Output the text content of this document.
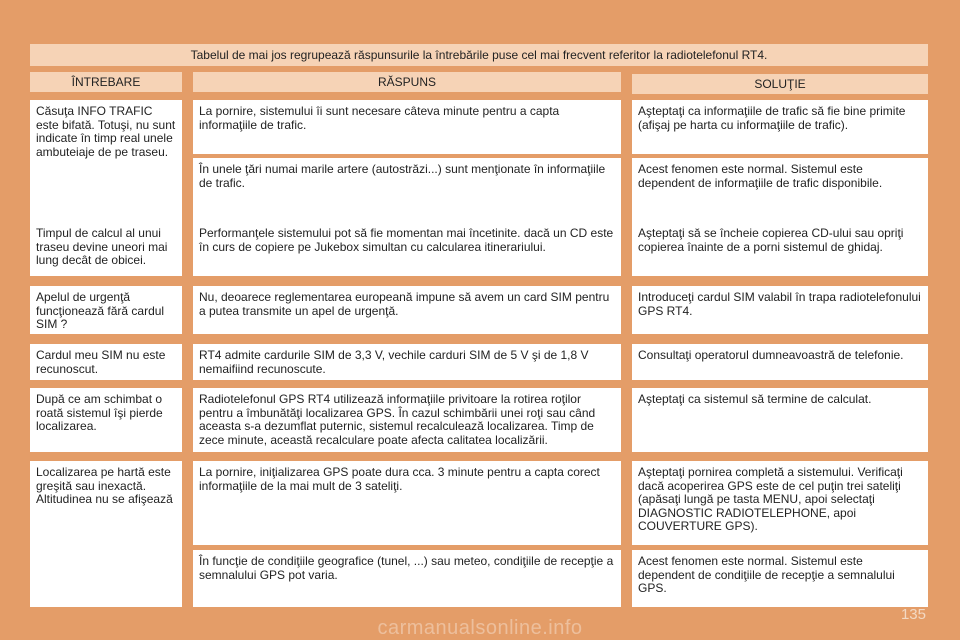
Tabelul de mai jos regrupează răspunsurile la întrebările puse cel mai frecvent referitor la radiotelefonul RT4.
ÎNTREBARE	RĂSPUNS	SOLUŢIE
Căsuţa INFO TRAFIC este bifată. Totuşi, nu sunt indicate în timp real unele ambuteiaje de pe traseu.
La pornire, sistemului îi sunt necesare câteva minute pentru a capta informaţiile de trafic.
Aşteptaţi ca informaţiile de trafic să fie bine primite (afişaj pe harta cu informaţiile de trafic).
În unele ţări numai marile artere (autostrăzi...) sunt menţionate în informaţiile de trafic.
Acest fenomen este normal. Sistemul este dependent de informaţiile de trafic disponibile.
Timpul de calcul al unui traseu devine uneori mai lung decât de obicei.
Performanţele sistemului pot să fie momentan mai încetinite. dacă un CD este în curs de copiere pe Jukebox simultan cu calcularea itinerariului.
Aşteptaţi să se încheie copierea CD-ului sau opriţi copierea înainte de a porni sistemul de ghidaj.
Apelul de urgenţă funcţionează fără cardul SIM ?
Nu, deoarece reglementarea europeană impune să avem un card SIM pentru a putea transmite un apel de urgenţă.
Introduceţi cardul SIM valabil în trapa radiotelefonului GPS RT4.
Cardul meu SIM nu este recunoscut.
RT4 admite cardurile SIM de 3,3 V, vechile carduri SIM de 5 V şi de 1,8 V nemaifiind recunoscute.
Consultaţi operatorul dumneavoastră de telefonie.
După ce am schimbat o roată sistemul îşi pierde localizarea.
Radiotelefonul GPS RT4 utilizează informaţiile privitoare la rotirea roţilor pentru a îmbunătăţi localizarea GPS. În cazul schimbării unei roţi sau când aceasta s-a dezumflat puternic, sistemul recalculează localizarea. Timp de zece minute, această recalculare poate afecta calitatea localizării.
Aşteptaţi ca sistemul să termine de calculat.
Localizarea pe hartă este greşită sau inexactă. Altitudinea nu se afişează
La pornire, iniţializarea GPS poate dura cca. 3 minute pentru a capta corect informaţiile de la mai mult de 3 sateliţi.
Aşteptaţi pornirea completă a sistemului. Verificaţi dacă acoperirea GPS este de cel puţin trei sateliţi (apăsaţi lungă pe tasta MENU, apoi selectaţi DIAGNOSTIC RADIOTELEPHONE, apoi COUVERTURE GPS).
În funcţie de condiţiile geografice (tunel, ...) sau meteo, condiţiile de recepţie a semnalului GPS pot varia.
Acest fenomen este normal. Sistemul este dependent de condiţiile de recepţie a semnalului GPS.
135
carmanualsonline.info
